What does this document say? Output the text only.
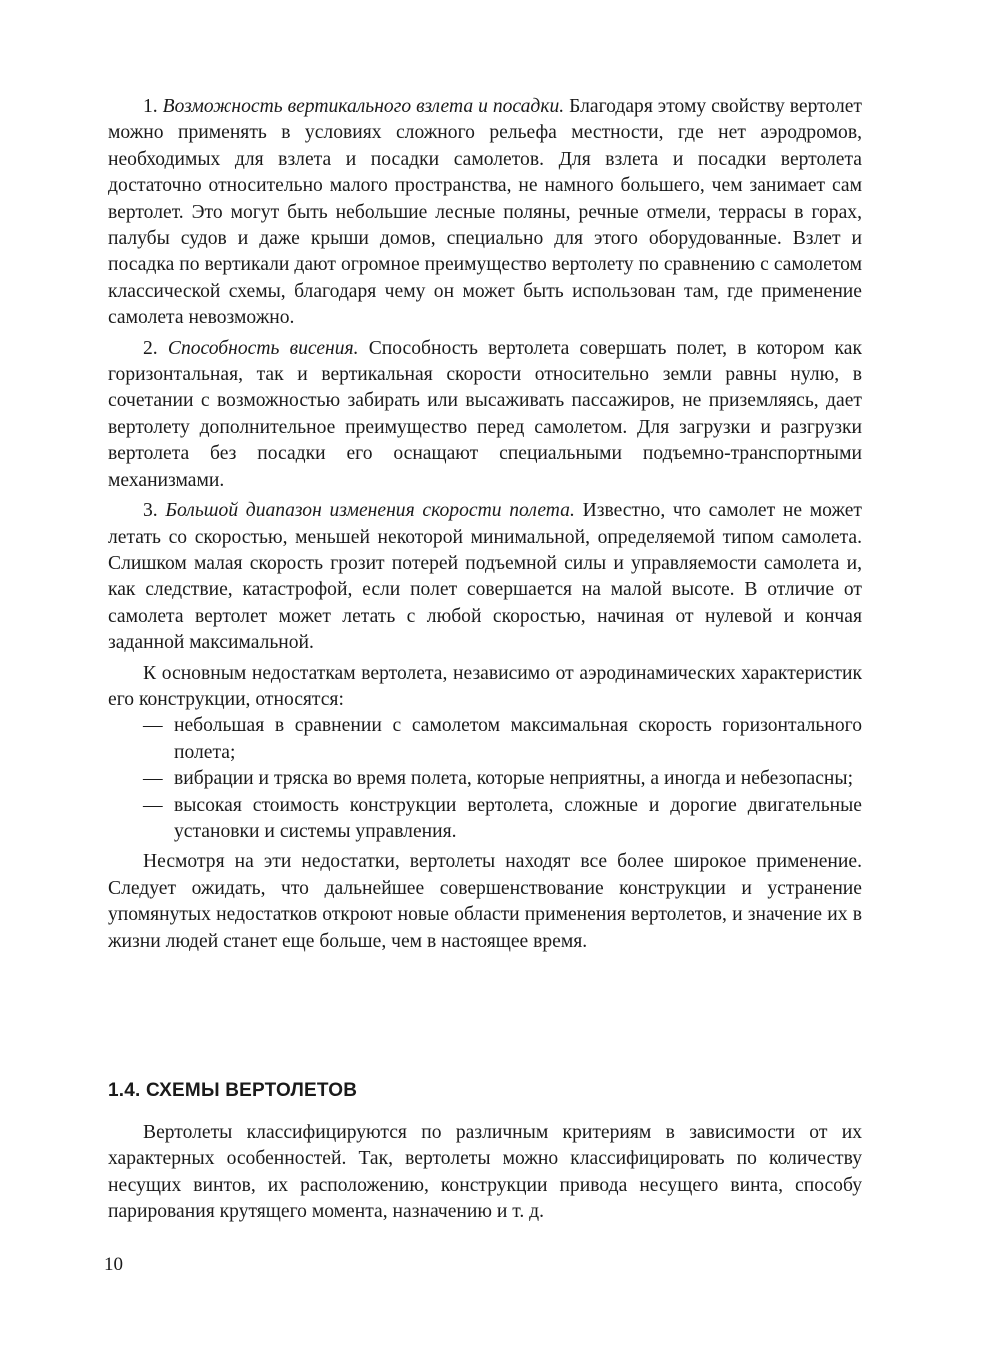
1. Возможность вертикального взлета и посадки. Благодаря этому свойству вертолет можно применять в условиях сложного рельефа местности, где нет аэродромов, необходимых для взлета и посадки самолетов. Для взлета и посадки вертолета достаточно относительно малого пространства, не намного большего, чем занимает сам вертолет. Это могут быть небольшие лесные поляны, речные отмели, террасы в горах, палубы судов и даже крыши домов, специально для этого оборудованные. Взлет и посадка по вертикали дают огромное преимущество вертолету по сравнению с самолетом классической схемы, благодаря чему он может быть использован там, где применение самолета невозможно.

2. Способность висения. Способность вертолета совершать полет, в котором как горизонтальная, так и вертикальная скорости относительно земли равны нулю, в сочетании с возможностью забирать или высаживать пассажиров, не приземляясь, дает вертолету дополнительное преимущество перед самолетом. Для загрузки и разгрузки вертолета без посадки его оснащают специальными подъемно-транспортными механизмами.

3. Большой диапазон изменения скорости полета. Известно, что самолет не может летать со скоростью, меньшей некоторой минимальной, определяемой типом самолета. Слишком малая скорость грозит потерей подъемной силы и управляемости самолета и, как следствие, катастрофой, если полет совершается на малой высоте. В отличие от самолета вертолет может летать с любой скоростью, начиная от нулевой и кончая заданной максимальной.

К основным недостаткам вертолета, независимо от аэродинамических характеристик его конструкции, относятся:

— небольшая в сравнении с самолетом максимальная скорость горизонтального полета;
— вибрации и тряска во время полета, которые неприятны, а иногда и небезопасны;
— высокая стоимость конструкции вертолета, сложные и дорогие двигательные установки и системы управления.

Несмотря на эти недостатки, вертолеты находят все более широкое применение. Следует ожидать, что дальнейшее совершенствование конструкции и устранение упомянутых недостатков откроют новые области применения вертолетов, и значение их в жизни людей станет еще больше, чем в настоящее время.

1.4. СХЕМЫ ВЕРТОЛЕТОВ

Вертолеты классифицируются по различным критериям в зависимости от их характерных особенностей. Так, вертолеты можно классифицировать по количеству несущих винтов, их расположению, конструкции привода несущего винта, способу парирования крутящего момента, назначению и т. д.

10
